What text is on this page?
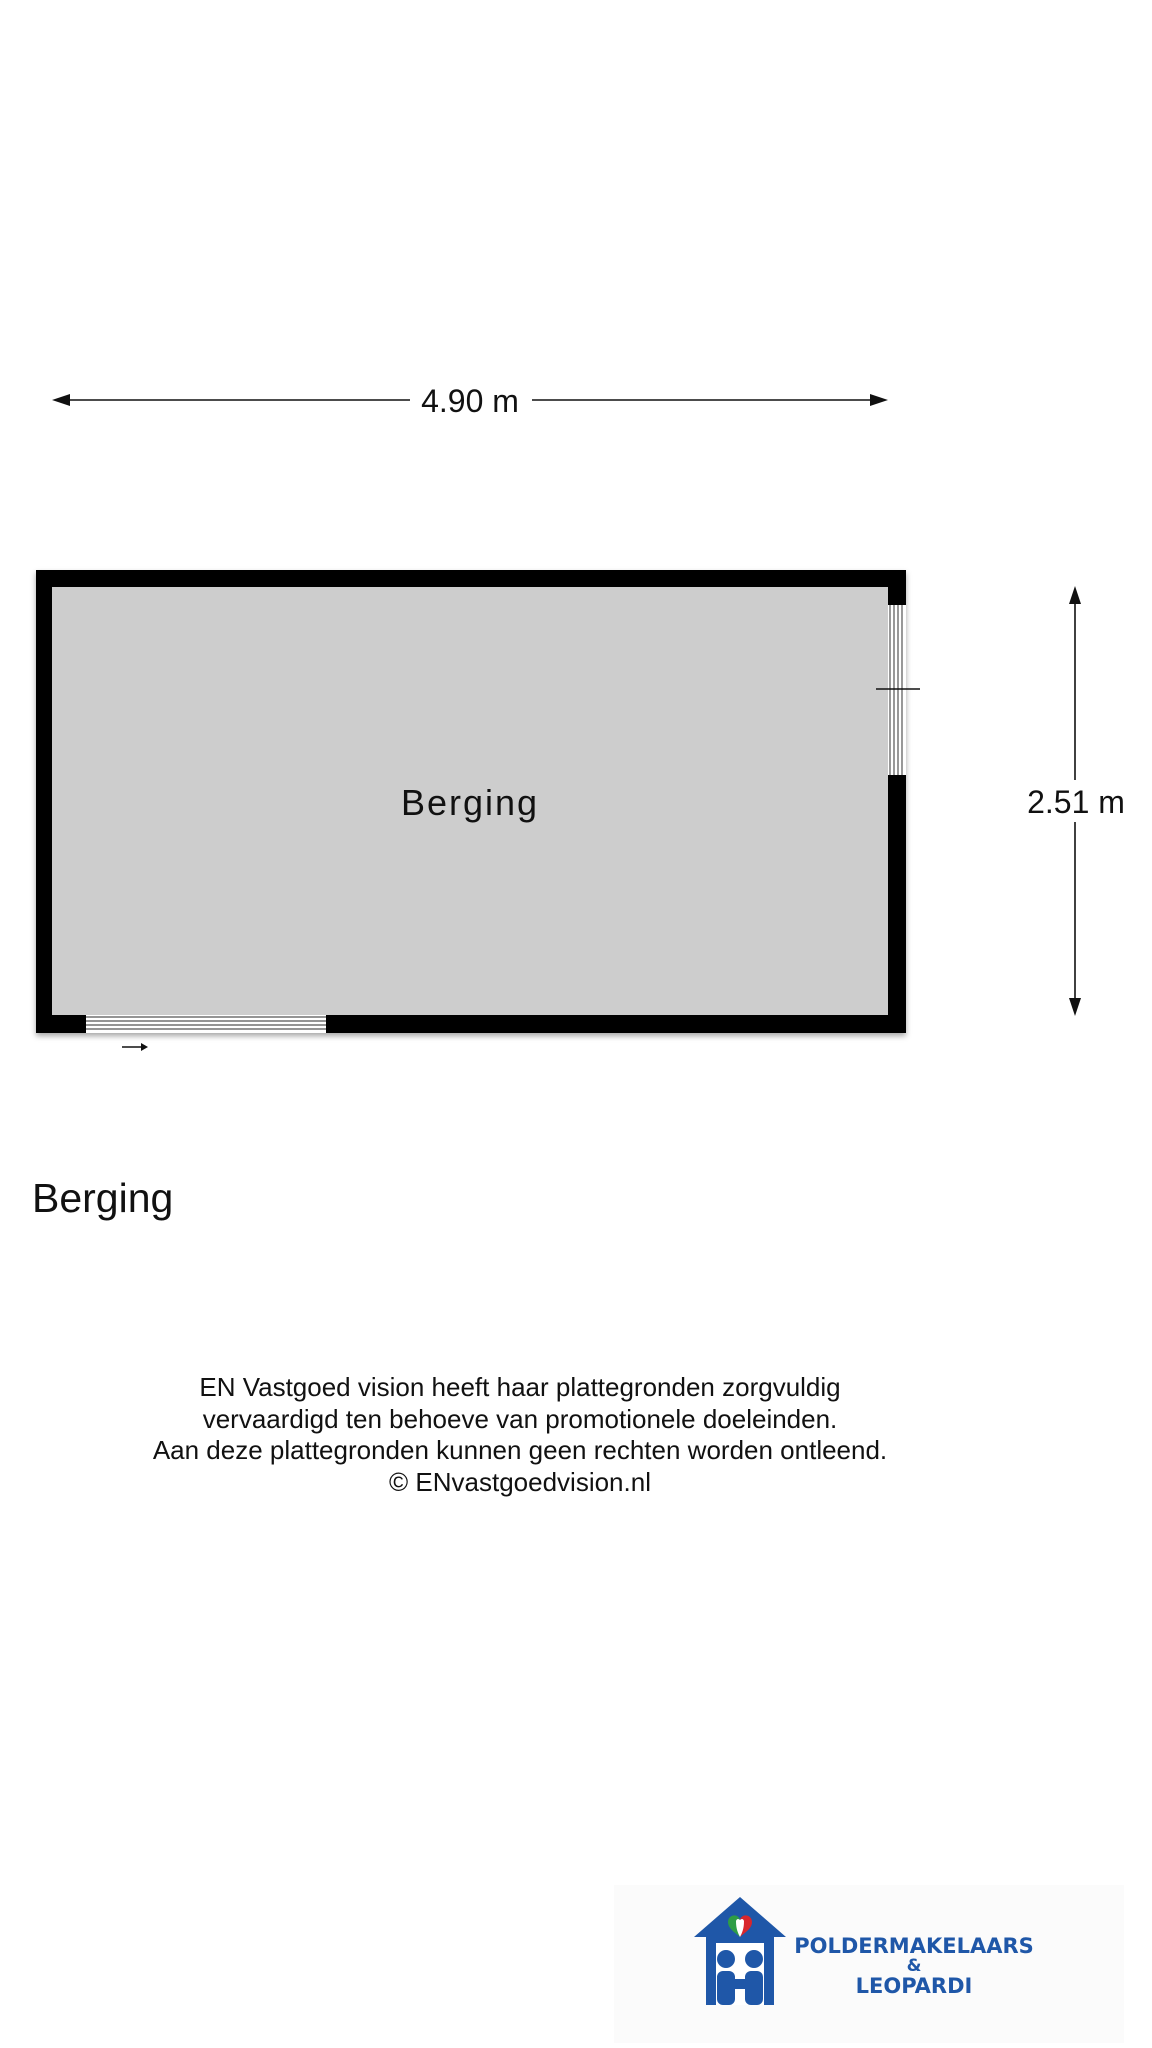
4.90 m
2.51 m
Berging
Berging
EN Vastgoed vision heeft haar plattegronden zorgvuldig
vervaardigd ten behoeve van promotionele doeleinden.
Aan deze plattegronden kunnen geen rechten worden ontleend.
© ENvastgoedvision.nl
POLDERMAKELAARS
&
LEOPARDI
